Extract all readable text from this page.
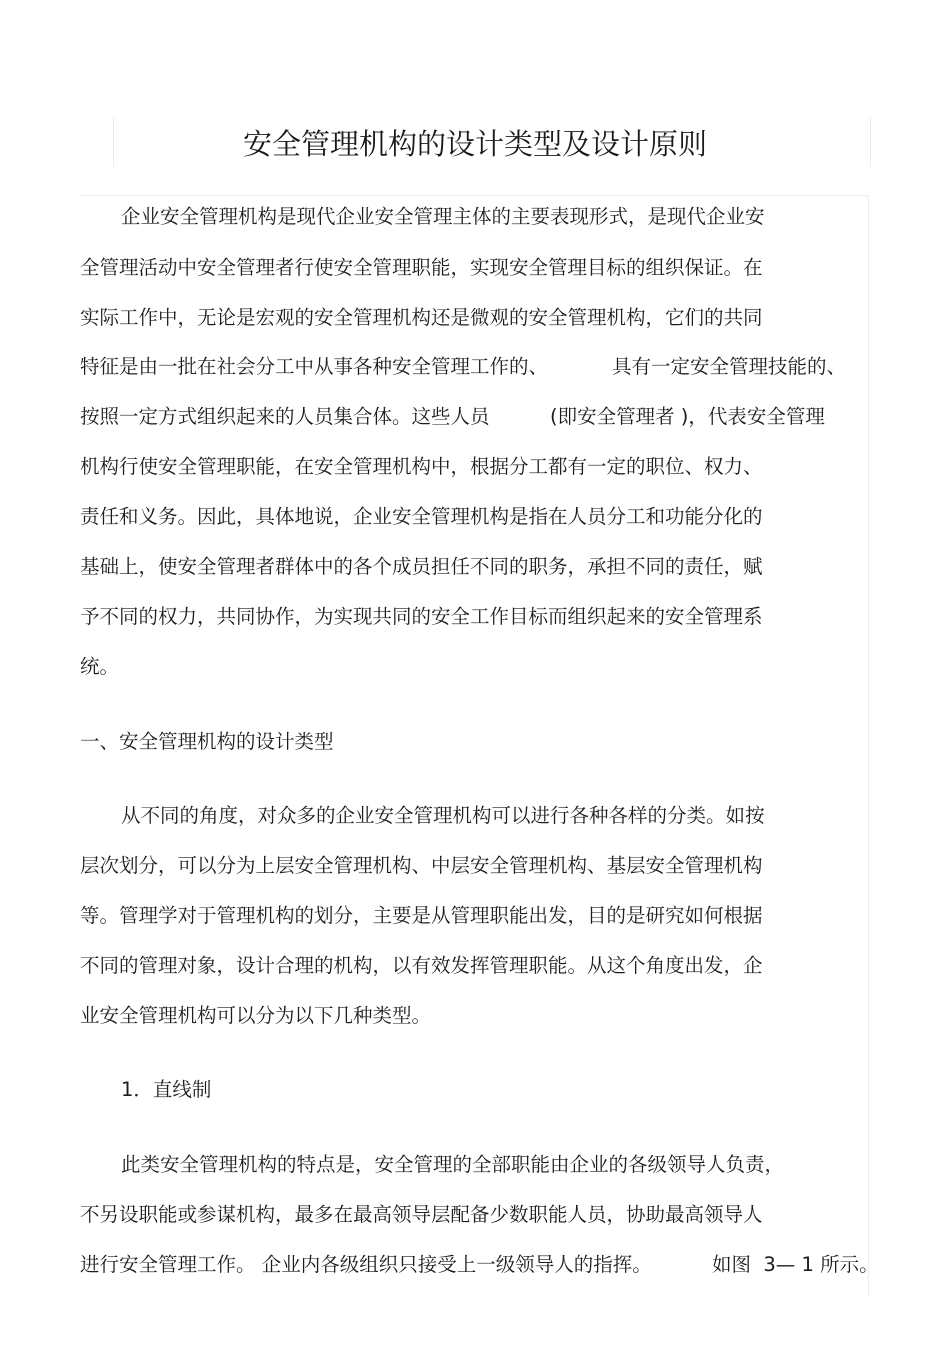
安全管理机构的设计类型及设计原则
企业安全管理机构是现代企业安全管理主体的主要表现形式，是现代企业安
全管理活动中安全管理者行使安全管理职能，实现安全管理目标的组织保证。在
实际工作中，无论是宏观的安全管理机构还是微观的安全管理机构，它们的共同
特征是由一批在社会分工中从事各种安全管理工作的、	具有一定安全管理技能的、
按照一定方式组织起来的人员集合体。这些人员	(即安全管理者 )，代表安全管理
机构行使安全管理职能，在安全管理机构中，根据分工都有一定的职位、权力、
责任和义务。因此，具体地说，企业安全管理机构是指在人员分工和功能分化的
基础上，使安全管理者群体中的各个成员担任不同的职务，承担不同的责任，赋
予不同的权力，共同协作，为实现共同的安全工作目标而组织起来的安全管理系
统。
一、安全管理机构的设计类型
从不同的角度，对众多的企业安全管理机构可以进行各种各样的分类。如按
层次划分，可以分为上层安全管理机构、中层安全管理机构、基层安全管理机构
等。管理学对于管理机构的划分，主要是从管理职能出发，目的是研究如何根据
不同的管理对象，设计合理的机构，以有效发挥管理职能。从这个角度出发，企
业安全管理机构可以分为以下几种类型。
1．直线制
此类安全管理机构的特点是，安全管理的全部职能由企业的各级领导人负责，
不另设职能或参谋机构，最多在最高领导层配备少数职能人员，协助最高领导人
进行安全管理工作。 企业内各级组织只接受上一级领导人的指挥。	如图  3— 1 所示。
